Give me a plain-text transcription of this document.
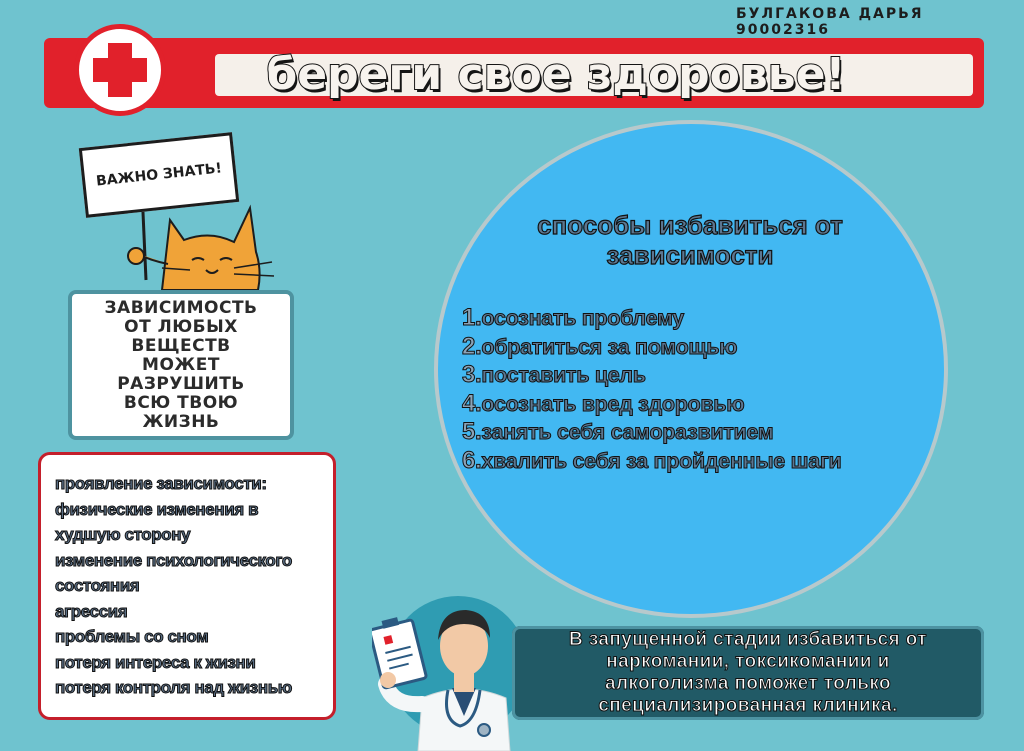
БУЛГАКОВА ДАРЬЯ 90002316
береги свое здоровье!
ВАЖНО ЗНАТЬ!
ЗАВИСИМОСТЬ
ОТ ЛЮБЫХ
ВЕЩЕСТВ
МОЖЕТ
РАЗРУШИТЬ
ВСЮ ТВОЮ
ЖИЗНЬ
проявление зависимости:
физические изменения в
худшую сторону
изменение психологического
состояния
агрессия
проблемы со сном
потеря интереса к жизни
потеря контроля над жизнью
способы избавиться от
зависимости
1.осознать проблему
2.обратиться за помощью
3.поставить цель
4.осознать вред здоровью
5.занять себя саморазвитием
6.хвалить себя за пройденные шаги
В запущенной стадии избавиться от
наркомании, токсикомании и
алкоголизма поможет только
специализированная клиника.
